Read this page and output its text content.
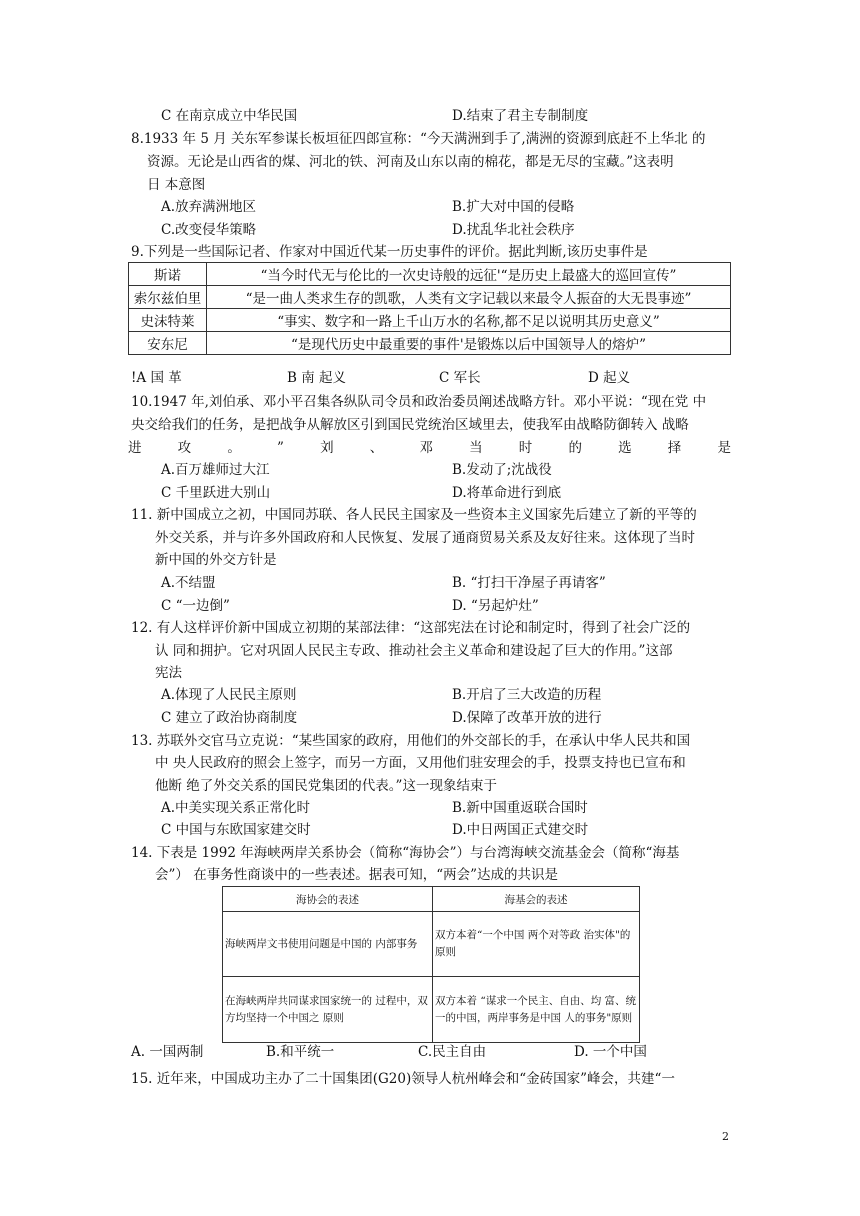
C 在南京成立中华民国	D.结束了君主专制制度
8.1933 年 5 月 关东军参谋长板垣征四郎宣称：“今天满洲到手了,满洲的资源到底赶不上华北 的
资源。无论是山西省的煤、河北的铁、河南及山东以南的棉花，都是无尽的宝藏。”这表明
日 本意图
A.放弃满洲地区	B.扩大对中国的侵略
C.改变侵华策略	D.扰乱华北社会秩序
9.下列是一些国际记者、作家对中国近代某一历史事件的评价。据此判断,该历史事件是
斯诺	“当今时代无与伦比的一次史诗般的远征'“是历史上最盛大的巡回宣传”
索尔兹伯里	“是一曲人类求生存的凯歌，人类有文字记载以来最令人振奋的大无畏事迹”
史沫特莱	“事实、数字和一路上千山万水的名称,都不足以说明其历史意义”
安东尼	“是现代历史中最重要的事件'是锻炼以后中国领导人的熔炉”
!A 国 革	B 南 起义	C 军长	D 起义
10.1947 年,刘伯承、邓小平召集各纵队司令员和政治委员阐述战略方针。邓小平说：“现在党 中
央交给我们的任务，是把战争从解放区引到国民党统治区域里去，使我军由战略防御转入 战略
进	攻	。	”	刘	、	邓	当	时	的	选	择	是
A.百万雄师过大江	B.发动了;沈战役
C 千里跃进大别山	D.将革命进行到底
11. 新中国成立之初，中国同苏联、各人民民主国家及一些资本主义国家先后建立了新的平等的
外交关系，并与许多外国政府和人民恢复、发展了通商贸易关系及友好往来。这体现了当时
新中国的外交方针是
A.不结盟	B. “打扫干净屋子再请客”
C “一边倒”	D. “另起炉灶”
12. 有人这样评价新中国成立初期的某部法律：“这部宪法在讨论和制定时，得到了社会广泛的
认 同和拥护。它对巩固人民民主专政、推动社会主义革命和建设起了巨大的作用。”这部
宪法
A.体现了人民民主原则	B.开启了三大改造的历程
C 建立了政治协商制度	D.保障了改革开放的进行
13. 苏联外交官马立克说：“某些国家的政府，用他们的外交部长的手，在承认中华人民共和国
中 央人民政府的照会上签字，而另一方面，又用他们驻安理会的手，投票支持也已宣布和
他断 绝了外交关系的国民党集团的代表。”这一现象结束于
A.中美实现关系正常化时	B.新中国重返联合国时
C 中国与东欧国家建交时	D.中日两国正式建交时
14. 下表是 1992 年海峡两岸关系协会（简称“海协会”）与台湾海峡交流基金会（简称“海基
会”） 在事务性商谈中的一些表述。据表可知，“两会”达成的共识是
海协会的表述	海基会的表述
海峡两岸文书使用问题是中国的 内部事务	双方本着“一个中国 两个对等政 治实体"的原则
在海峡两岸共同谋求国家统一的 过程中，双方均坚持一个中国之 原则	双方本着 “谋求一个民主、自由、均 富、统一的中国，两岸事务是中国 人的事务"原则
A. 一国两制	B.和平统一	C.民主自由	D. 一个中国
15. 近年来，中国成功主办了二十国集团(G20)领导人杭州峰会和“金砖国家”峰会，共建“一
2
